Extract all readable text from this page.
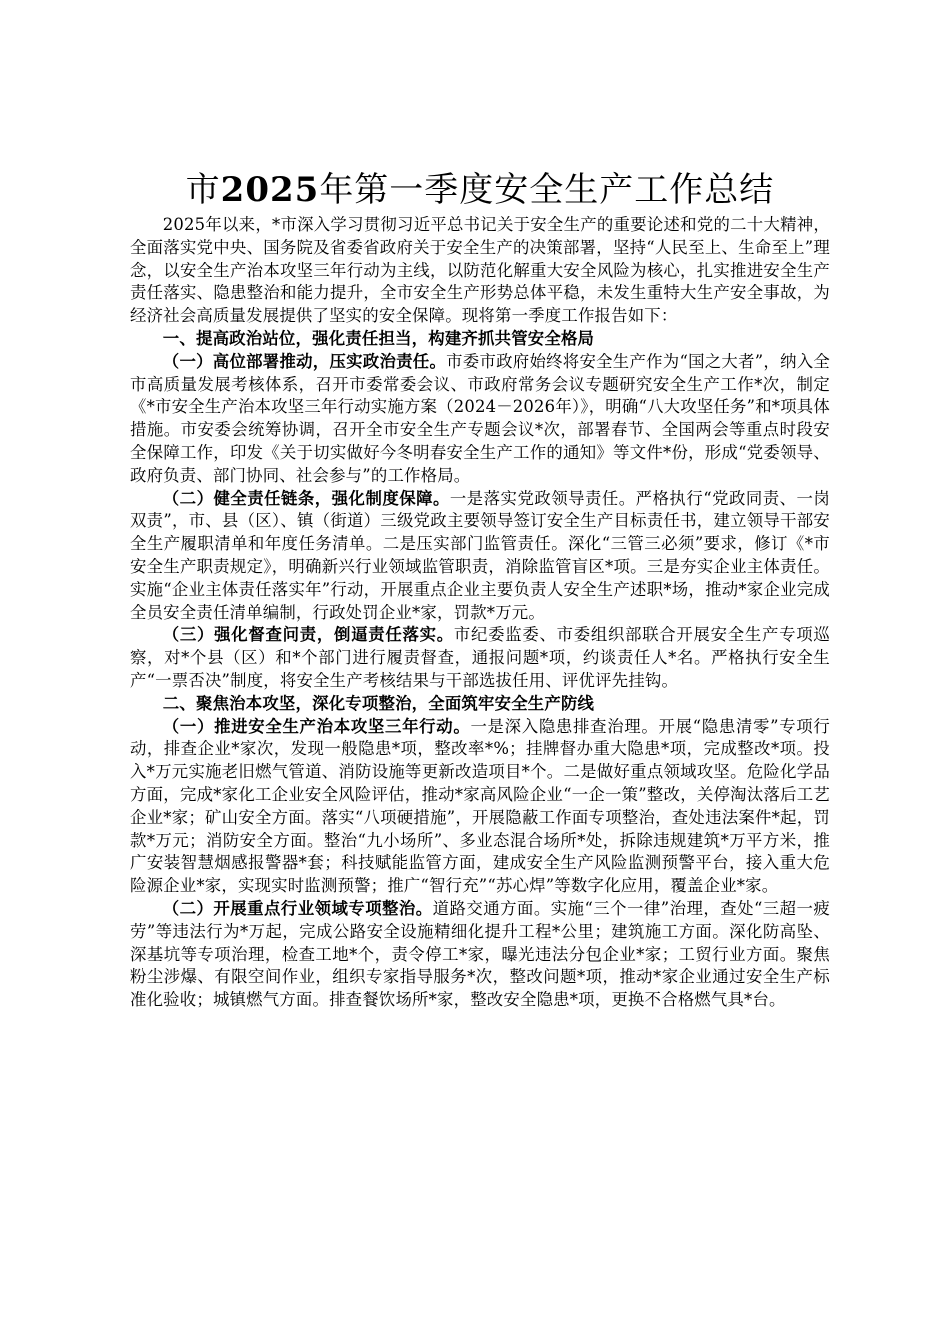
市2025年第一季度安全生产工作总结

2025年以来，*市深入学习贯彻习近平总书记关于安全生产的重要论述和党的二十大精神，全面落实党中央、国务院及省委省政府关于安全生产的决策部署，坚持“人民至上、生命至上”理念，以安全生产治本攻坚三年行动为主线，以防范化解重大安全风险为核心，扎实推进安全生产责任落实、隐患整治和能力提升，全市安全生产形势总体平稳，未发生重特大生产安全事故，为经济社会高质量发展提供了坚实的安全保障。现将第一季度工作报告如下：

一、提高政治站位，强化责任担当，构建齐抓共管安全格局

（一）高位部署推动，压实政治责任。市委市政府始终将安全生产作为“国之大者”，纳入全市高质量发展考核体系，召开市委常委会议、市政府常务会议专题研究安全生产工作*次，制定《*市安全生产治本攻坚三年行动实施方案（2024－2026年）》，明确“八大攻坚任务”和*项具体措施。市安委会统筹协调，召开全市安全生产专题会议*次，部署春节、全国两会等重点时段安全保障工作，印发《关于切实做好今冬明春安全生产工作的通知》等文件*份，形成“党委领导、政府负责、部门协同、社会参与”的工作格局。

（二）健全责任链条，强化制度保障。一是落实党政领导责任。严格执行“党政同责、一岗双责”，市、县（区）、镇（街道）三级党政主要领导签订安全生产目标责任书，建立领导干部安全生产履职清单和年度任务清单。二是压实部门监管责任。深化“三管三必须”要求，修订《*市安全生产职责规定》，明确新兴行业领域监管职责，消除监管盲区*项。三是夯实企业主体责任。实施“企业主体责任落实年”行动，开展重点企业主要负责人安全生产述职*场，推动*家企业完成全员安全责任清单编制，行政处罚企业*家，罚款*万元。

（三）强化督查问责，倒逼责任落实。市纪委监委、市委组织部联合开展安全生产专项巡察，对*个县（区）和*个部门进行履责督查，通报问题*项，约谈责任人*名。严格执行安全生产“一票否决”制度，将安全生产考核结果与干部选拔任用、评优评先挂钩。

二、聚焦治本攻坚，深化专项整治，全面筑牢安全生产防线

（一）推进安全生产治本攻坚三年行动。一是深入隐患排查治理。开展“隐患清零”专项行动，排查企业*家次，发现一般隐患*项，整改率*%；挂牌督办重大隐患*项，完成整改*项。投入*万元实施老旧燃气管道、消防设施等更新改造项目*个。二是做好重点领域攻坚。危险化学品方面，完成*家化工企业安全风险评估，推动*家高风险企业“一企一策”整改，关停淘汰落后工艺企业*家；矿山安全方面。落实“八项硬措施”，开展隐蔽工作面专项整治，查处违法案件*起，罚款*万元；消防安全方面。整治“九小场所”、多业态混合场所*处，拆除违规建筑*万平方米，推广安装智慧烟感报警器*套；科技赋能监管方面，建成安全生产风险监测预警平台，接入重大危险源企业*家，实现实时监测预警；推广“智行充”“苏心焊”等数字化应用，覆盖企业*家。

（二）开展重点行业领域专项整治。道路交通方面。实施“三个一律”治理，查处“三超一疲劳”等违法行为*万起，完成公路安全设施精细化提升工程*公里；建筑施工方面。深化防高坠、深基坑等专项治理，检查工地*个，责令停工*家，曝光违法分包企业*家；工贸行业方面。聚焦粉尘涉爆、有限空间作业，组织专家指导服务*次，整改问题*项，推动*家企业通过安全生产标准化验收；城镇燃气方面。排查餐饮场所*家，整改安全隐患*项，更换不合格燃气具*台。
